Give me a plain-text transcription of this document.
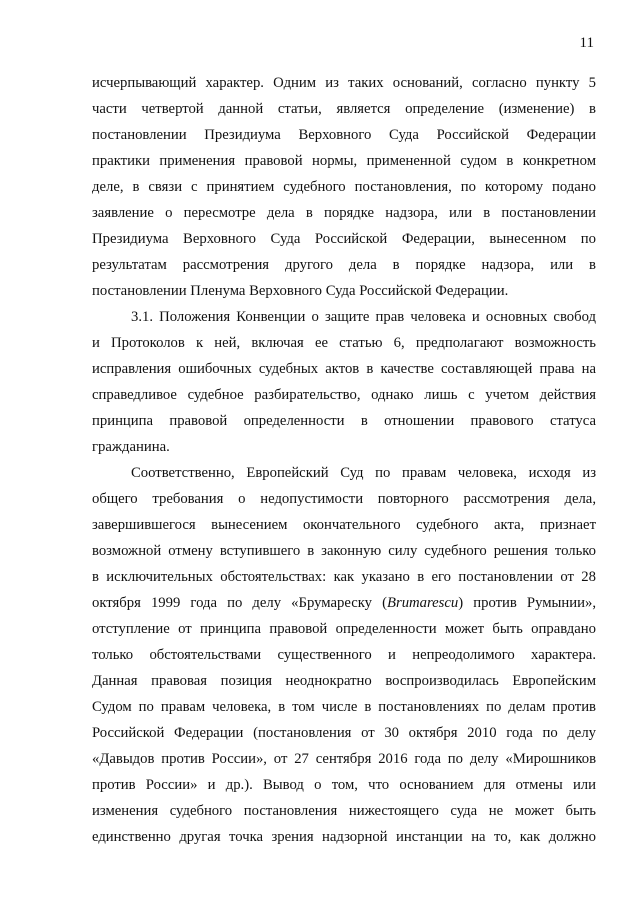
11
исчерпывающий характер. Одним из таких оснований, согласно пункту 5
части четвертой данной статьи, является определение (изменение) в
постановлении Президиума Верховного Суда Российской Федерации
практики применения правовой нормы, примененной судом в конкретном
деле, в связи с принятием судебного постановления, по которому подано
заявление о пересмотре дела в порядке надзора, или в постановлении
Президиума Верховного Суда Российской Федерации, вынесенном по
результатам рассмотрения другого дела в порядке надзора, или в
постановлении Пленума Верховного Суда Российской Федерации.
3.1. Положения Конвенции о защите прав человека и основных свобод
и Протоколов к ней, включая ее статью 6, предполагают возможность
исправления ошибочных судебных актов в качестве составляющей права на
справедливое судебное разбирательство, однако лишь с учетом действия
принципа правовой определенности в отношении правового статуса
гражданина.
Соответственно, Европейский Суд по правам человека, исходя из
общего требования о недопустимости повторного рассмотрения дела,
завершившегося вынесением окончательного судебного акта, признает
возможной отмену вступившего в законную силу судебного решения только
в исключительных обстоятельствах: как указано в его постановлении от 28
октября 1999 года по делу «Брумареску (Brumarescu) против Румынии»,
отступление от принципа правовой определенности может быть оправдано
только обстоятельствами существенного и непреодолимого характера.
Данная правовая позиция неоднократно воспроизводилась Европейским
Судом по правам человека, в том числе в постановлениях по делам против
Российской Федерации (постановления от 30 октября 2010 года по делу
«Давыдов против России», от 27 сентября 2016 года по делу «Мирошников
против России» и др.). Вывод о том, что основанием для отмены или
изменения судебного постановления нижестоящего суда не может быть
единственно другая точка зрения надзорной инстанции на то, как должно
